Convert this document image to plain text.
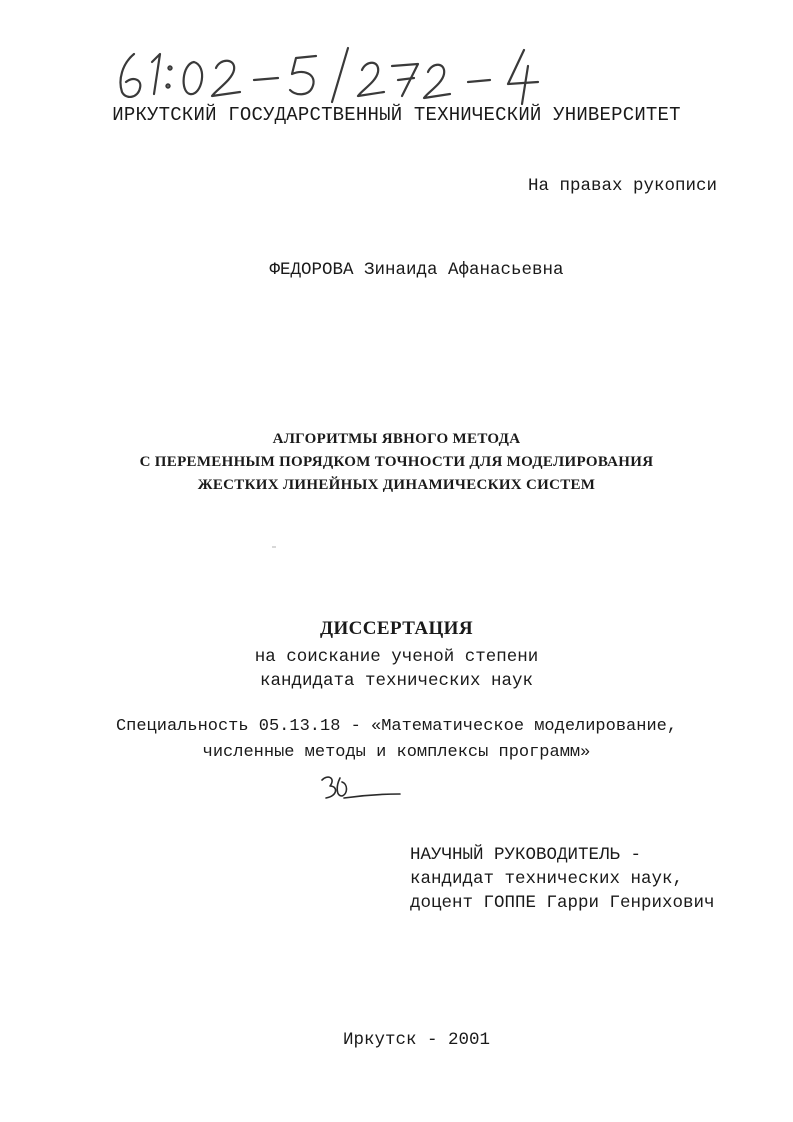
ИРКУТСКИЙ ГОСУДАРСТВЕННЫЙ ТЕХНИЧЕСКИЙ УНИВЕРСИТЕТ
На правах рукописи
ФЕДОРОВА Зинаида Афанасьевна
АЛГОРИТМЫ ЯВНОГО МЕТОДА
С ПЕРЕМЕННЫМ ПОРЯДКОМ ТОЧНОСТИ ДЛЯ МОДЕЛИРОВАНИЯ
ЖЕСТКИХ ЛИНЕЙНЫХ ДИНАМИЧЕСКИХ СИСТЕМ
ДИССЕРТАЦИЯ
на соискание ученой степени
кандидата технических наук
Специальность 05.13.18 - «Математическое моделирование,
численные методы и комплексы программ»
НАУЧНЫЙ РУКОВОДИТЕЛЬ -
кандидат технических наук,
доцент ГОППЕ Гарри Генрихович
Иркутск - 2001
